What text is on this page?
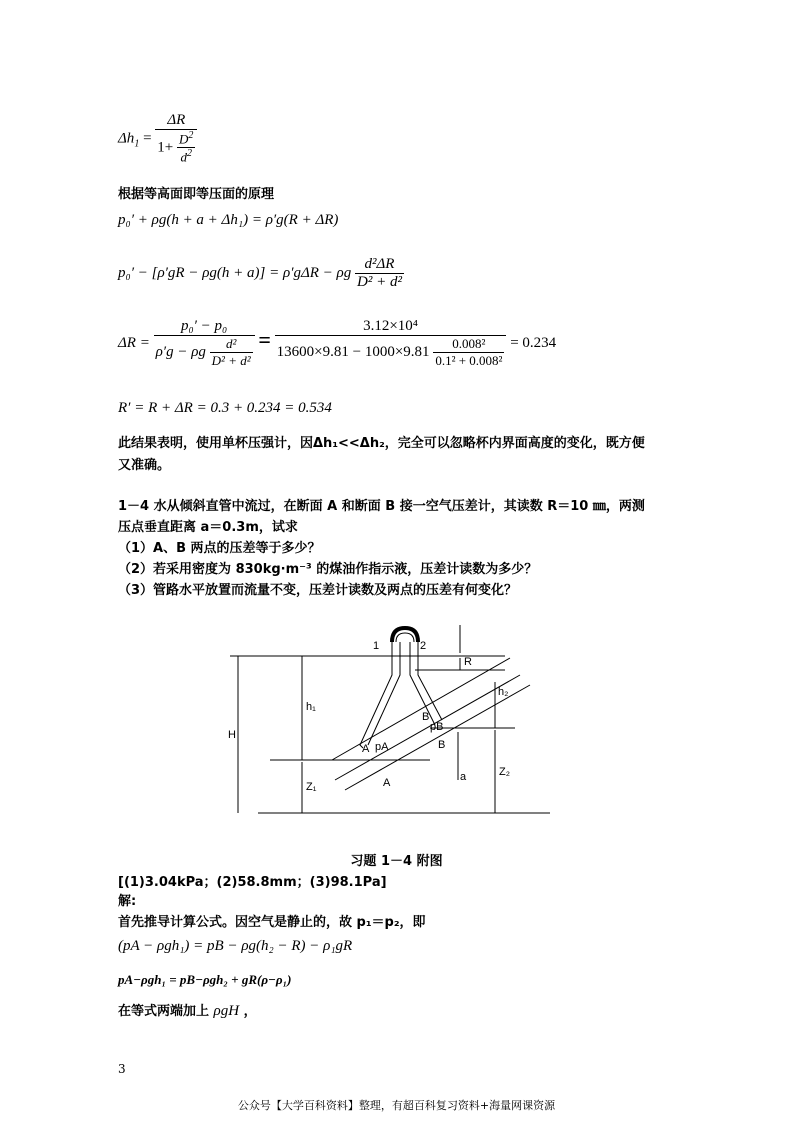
$\Delta h_1 = \frac{\Delta R}{1+ \frac{D^2}{d^2}}$
根据等高面即等压面的原理
p₀′ + ρg(h + a + Δh₁) = ρ′g(R + ΔR)
p₀′ − [ρ′gR − ρg(h + a)] = ρ′gΔR − ρg $\frac{\text{d²ΔR}}{\text{D² + d²}}$
$\Delta R = \frac{\text{p₀′ − p₀}}{\rho'g - \rho g \frac{\text{d²}}{\text{D² + d²}}} = \frac{\text{3.12×10⁴}}{13600\times 9.81 - 1000\times 9.81 \frac{\text{0.008²}}{\text{0.1² + 0.008²}}} = 0.234$
R′ = R + ΔR = 0.3 + 0.234 = 0.534
此结果表明，使用单杯压强计，因Δh₁<<Δh₂，完全可以忽略杯内界面高度的变化，既方便
又准确。
1－4 水从倾斜直管中流过，在断面 A 和断面 B 接一空气压差计，其读数 R＝10 ㎜，两测
压点垂直距离 a＝0.3m，试求
（1）A、B 两点的压差等于多少？
（2）若采用密度为 830kg·m⁻³ 的煤油作指示液，压差计读数为多少？
（3）管路水平放置而流量不变，压差计读数及两点的压差有何变化？
1	2
R
h₁
h₂
H
Z₁
Z₂
a
A
A
B
B
pA
pB
习题 1－4 附图
[(1)3.04kPa；(2)58.8mm；(3)98.1Pa]
解:
首先推导计算公式。因空气是静止的，故 p₁＝p₂，即
(pA − ρgh₁) = pB − ρg(h₂ − R) − ρ₁gR
pA−ρgh₁ = pB−ρgh₂ + gR(ρ−ρ₁)
在等式两端加上 ρgH ，
3
公众号【大学百科资料】整理，有超百科复习资料+海量网课资源
